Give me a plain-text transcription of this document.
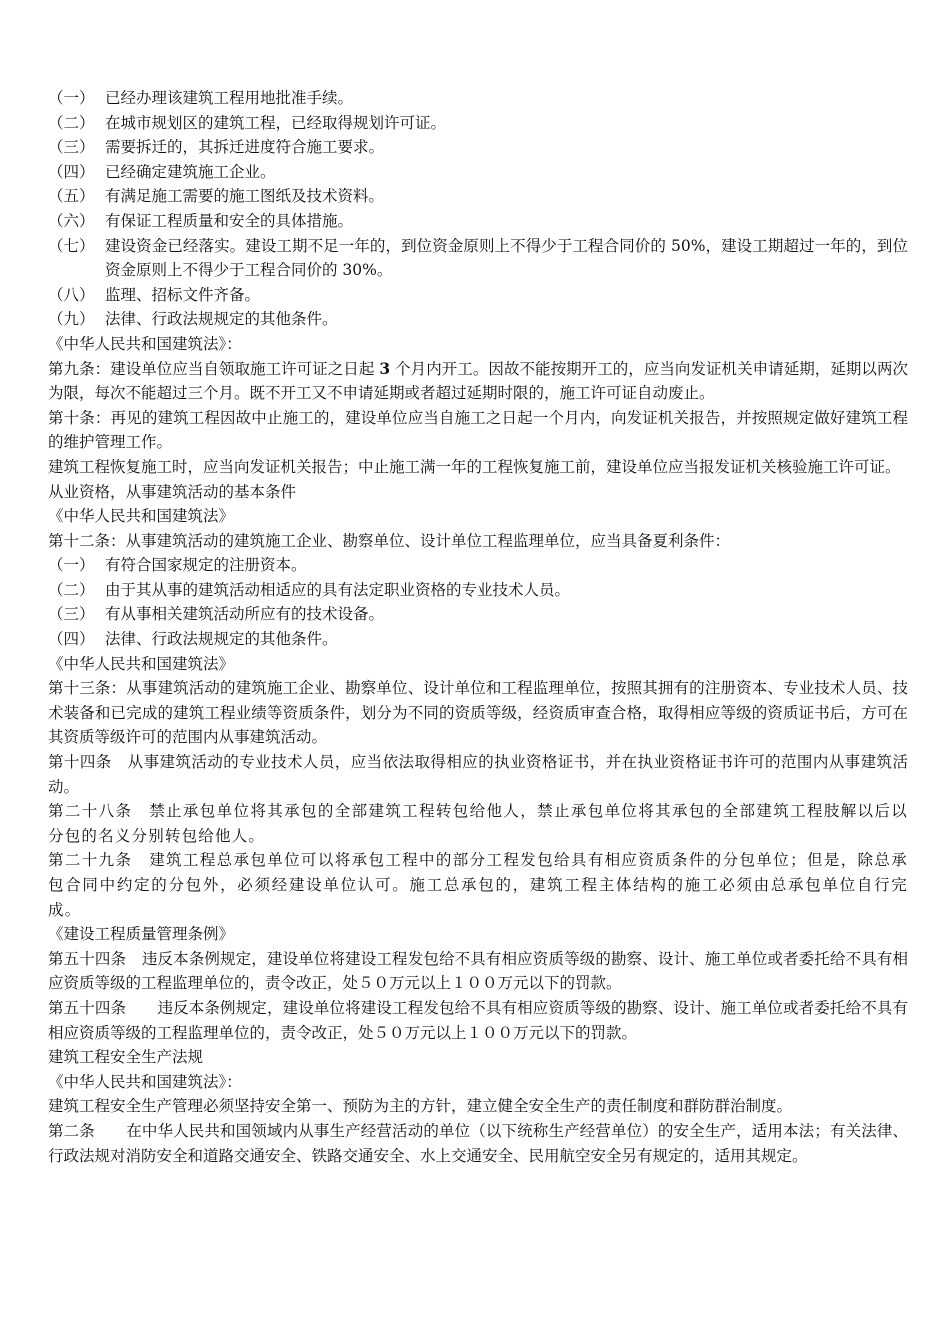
（一） 已经办理该建筑工程用地批准手续。
（二） 在城市规划区的建筑工程，已经取得规划许可证。
（三） 需要拆迁的，其拆迁进度符合施工要求。
（四） 已经确定建筑施工企业。
（五） 有满足施工需要的施工图纸及技术资料。
（六） 有保证工程质量和安全的具体措施。
（七） 建设资金已经落实。建设工期不足一年的，到位资金原则上不得少于工程合同价的 50%，建设工期超过一年的，到位资金原则上不得少于工程合同价的 30%。
（八） 监理、招标文件齐备。
（九） 法律、行政法规规定的其他条件。
《中华人民共和国建筑法》：
第九条：建设单位应当自领取施工许可证之日起 3 个月内开工。因故不能按期开工的，应当向发证机关申请延期，延期以两次为限，每次不能超过三个月。既不开工又不申请延期或者超过延期时限的，施工许可证自动废止。
第十条：再见的建筑工程因故中止施工的，建设单位应当自施工之日起一个月内，向发证机关报告，并按照规定做好建筑工程的维护管理工作。
建筑工程恢复施工时，应当向发证机关报告；中止施工满一年的工程恢复施工前，建设单位应当报发证机关核验施工许可证。
从业资格，从事建筑活动的基本条件
《中华人民共和国建筑法》
第十二条：从事建筑活动的建筑施工企业、勘察单位、设计单位工程监理单位，应当具备夏利条件：
（一） 有符合国家规定的注册资本。
（二） 由于其从事的建筑活动相适应的具有法定职业资格的专业技术人员。
（三） 有从事相关建筑活动所应有的技术设备。
（四） 法律、行政法规规定的其他条件。
《中华人民共和国建筑法》
第十三条：从事建筑活动的建筑施工企业、勘察单位、设计单位和工程监理单位，按照其拥有的注册资本、专业技术人员、技术装备和已完成的建筑工程业绩等资质条件，划分为不同的资质等级，经资质审查合格，取得相应等级的资质证书后，方可在其资质等级许可的范围内从事建筑活动。
第十四条　从事建筑活动的专业技术人员，应当依法取得相应的执业资格证书，并在执业资格证书许可的范围内从事建筑活动。
第二十八条　禁止承包单位将其承包的全部建筑工程转包给他人，禁止承包单位将其承包的全部建筑工程肢解以后以分包的名义分别转包给他人。
第二十九条　建筑工程总承包单位可以将承包工程中的部分工程发包给具有相应资质条件的分包单位；但是，除总承包合同中约定的分包外，必须经建设单位认可。施工总承包的，建筑工程主体结构的施工必须由总承包单位自行完成。
《建设工程质量管理条例》
第五十四条　违反本条例规定，建设单位将建设工程发包给不具有相应资质等级的勘察、设计、施工单位或者委托给不具有相应资质等级的工程监理单位的，责令改正，处５０万元以上１００万元以下的罚款。
第五十四条　　违反本条例规定，建设单位将建设工程发包给不具有相应资质等级的勘察、设计、施工单位或者委托给不具有相应资质等级的工程监理单位的，责令改正，处５０万元以上１００万元以下的罚款。
建筑工程安全生产法规
《中华人民共和国建筑法》：
建筑工程安全生产管理必须坚持安全第一、预防为主的方针，建立健全安全生产的责任制度和群防群治制度。
第二条　　在中华人民共和国领域内从事生产经营活动的单位（以下统称生产经营单位）的安全生产，适用本法；有关法律、行政法规对消防安全和道路交通安全、铁路交通安全、水上交通安全、民用航空安全另有规定的，适用其规定。
